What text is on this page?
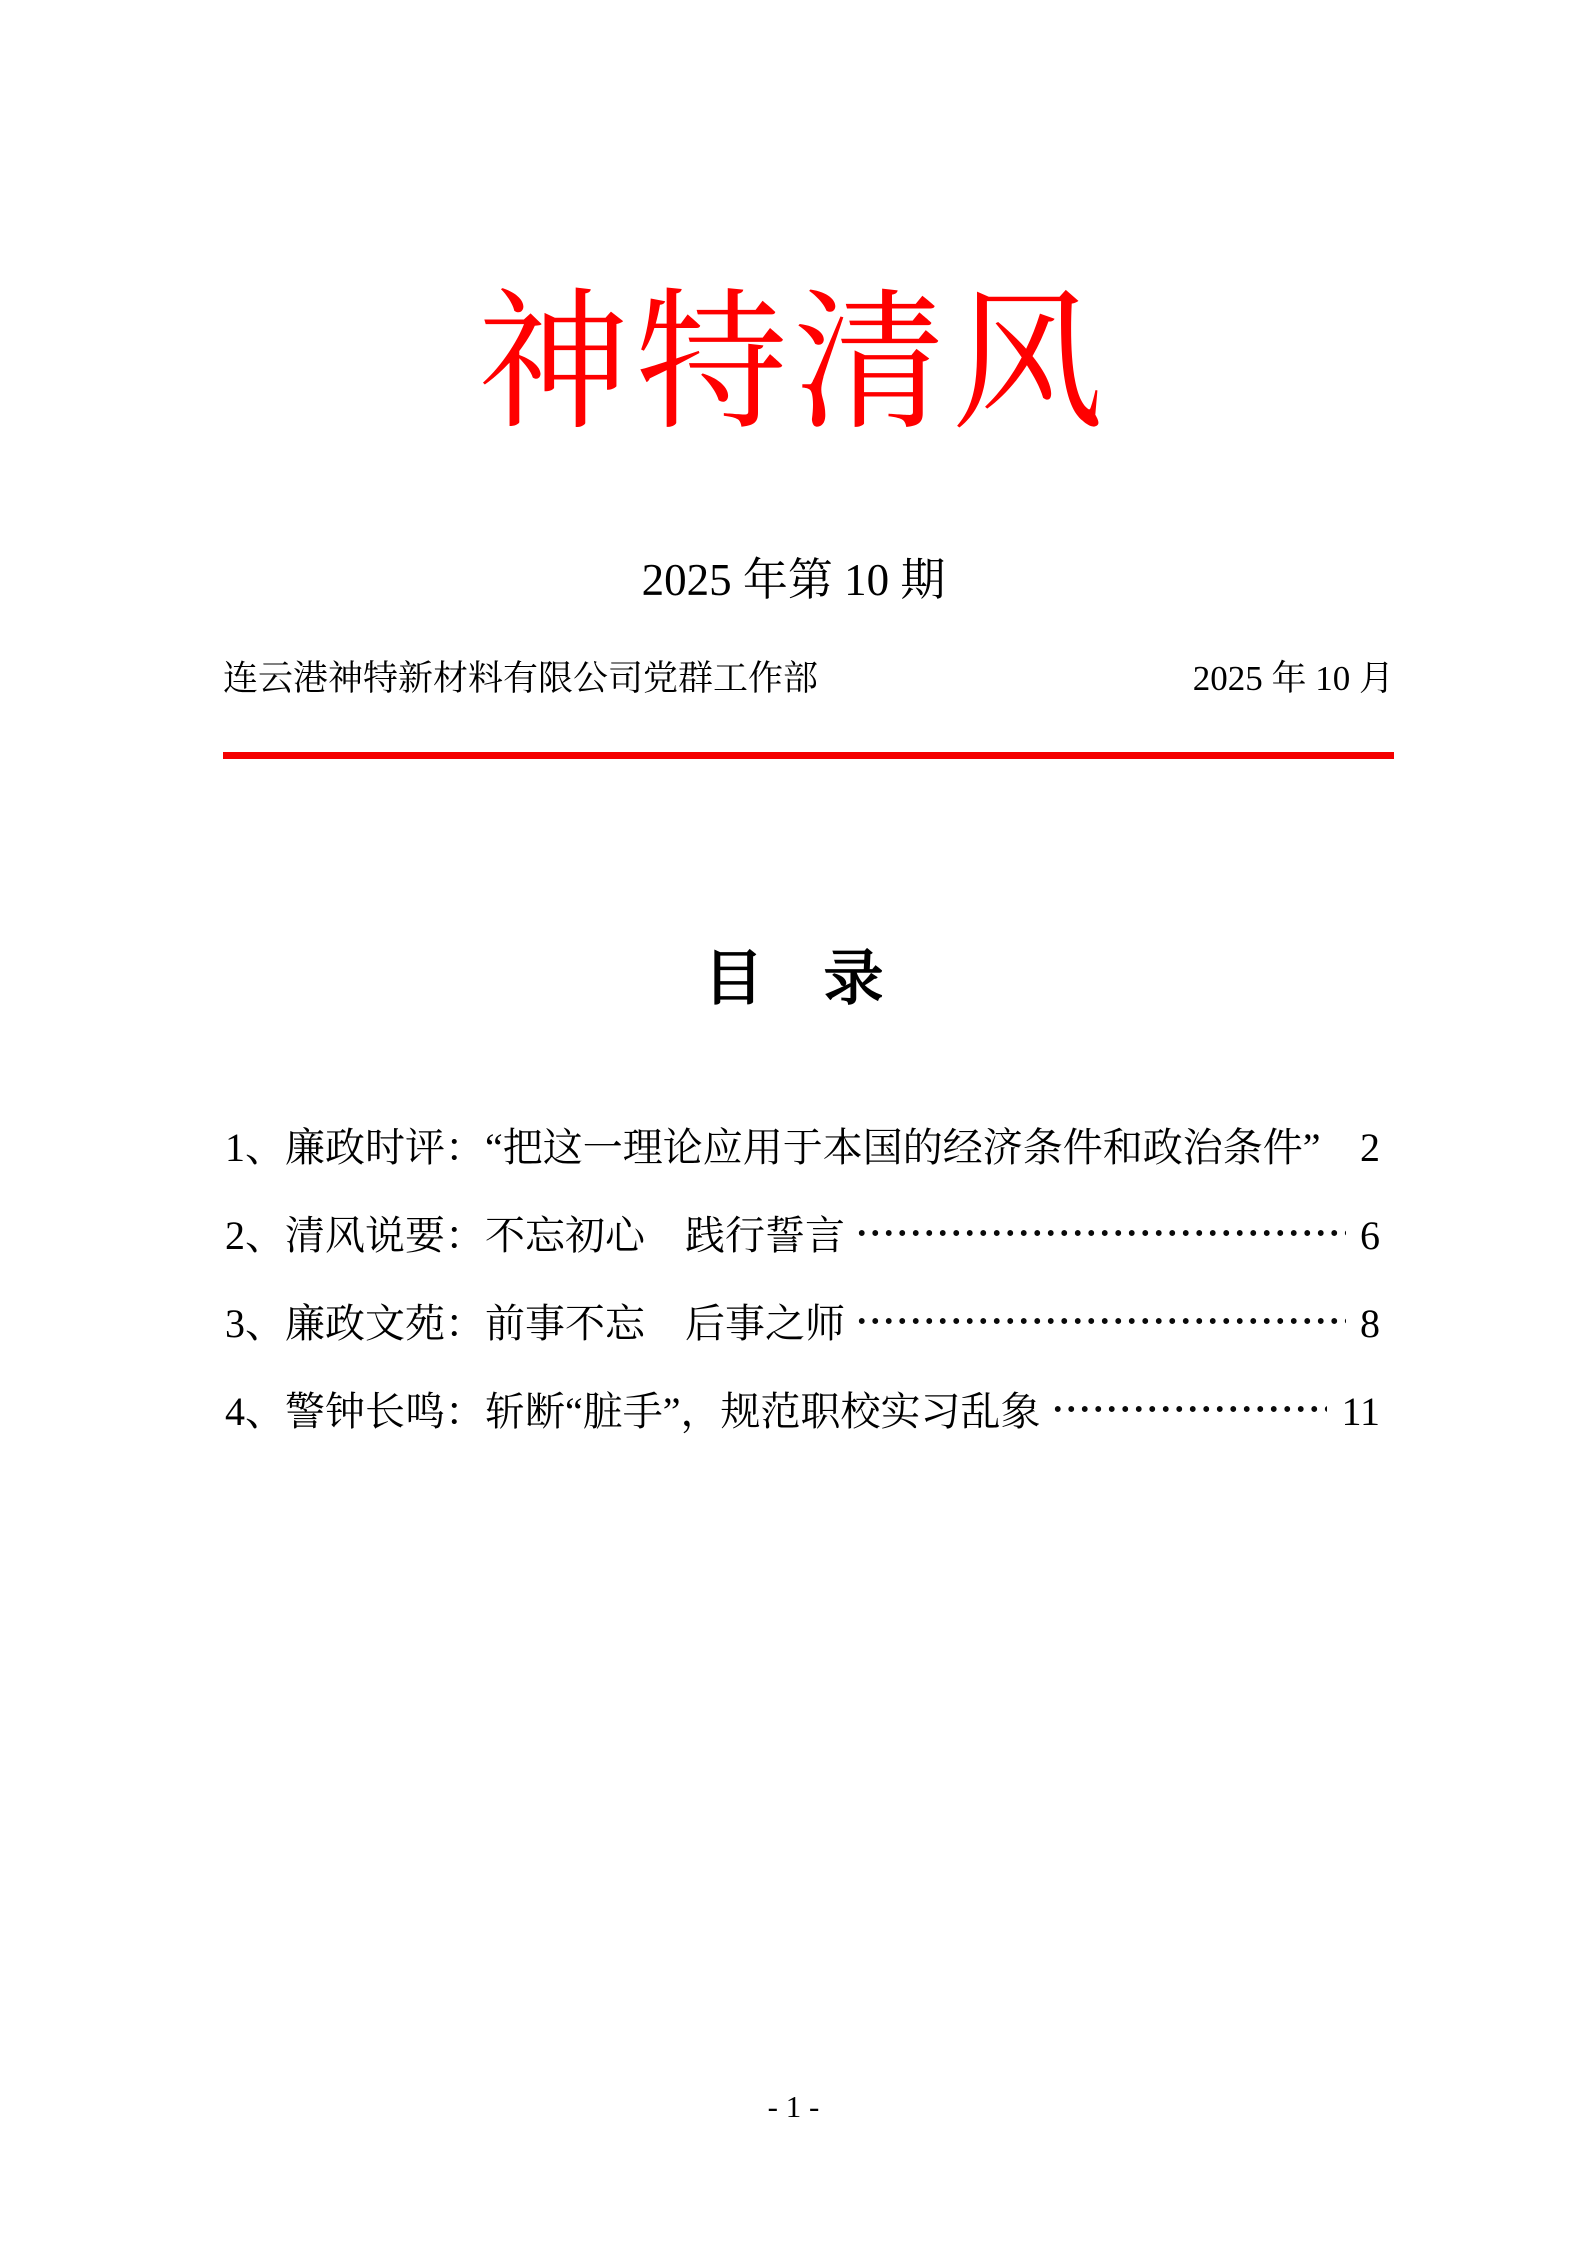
神特清风
2025 年第 10 期
连云港神特新材料有限公司党群工作部	2025 年 10 月
目　录
1、廉政时评：“把这一理论应用于本国的经济条件和政治条件” 2
2、清风说要：不忘初心　践行誓言	6
3、廉政文苑：前事不忘　后事之师	8
4、警钟长鸣：斩断“脏手”，规范职校实习乱象	11
- 1 -
